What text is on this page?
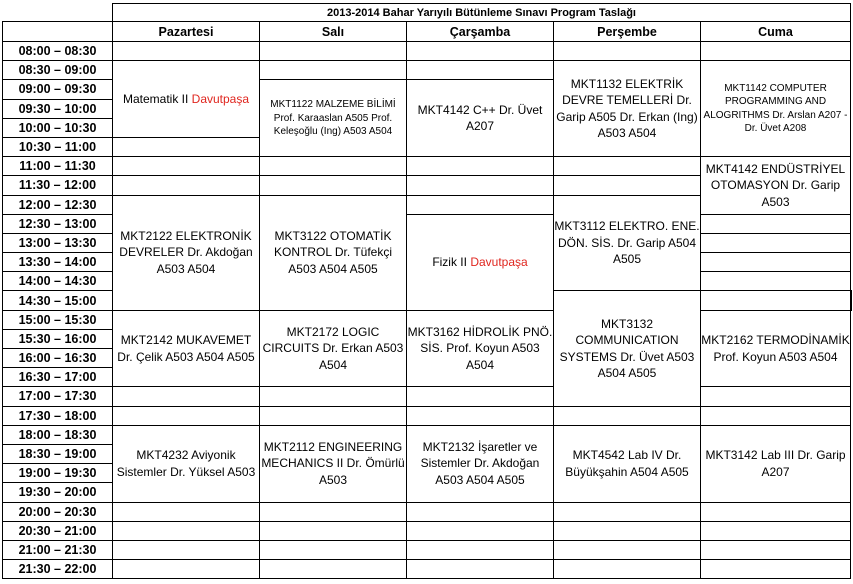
	2013-2014 Bahar Yarıyılı Bütünleme Sınavı Program Taslağı					
	Pazartesi	Salı	Çarşamba	Perşembe	Cuma	
08:00 – 08:30						
08:30 – 09:00	Matematik II Davutpaşa			MKT1132 ELEKTRİK DEVRE TEMELLERİ Dr. Garip A505 Dr. Erkan (Ing) A503 A504	MKT1142 COMPUTER PROGRAMMING AND ALOGRITHMS Dr. Arslan A207 - Dr. Üvet A208	
09:00 – 09:30		MKT1122 MALZEME BİLİMİ Prof. Karaaslan A505 Prof. Keleşoğlu (Ing) A503 A504	MKT4142 C++ Dr. Üvet A207			
09:30 – 10:00						
10:00 – 10:30						
10:30 – 11:00						
11:00 – 11:30					MKT4142 ENDÜSTRİYEL OTOMASYON Dr. Garip A503	
11:30 – 12:00						
12:00 – 12:30	MKT2122 ELEKTRONİK DEVRELER Dr. Akdoğan A503 A504	MKT3122 OTOMATİK KONTROL Dr. Tüfekçi A503 A504 A505		MKT3112 ELEKTRO. ENE. DÖN. SİS. Dr. Garip A504 A505		
12:30 – 13:00			Fizik II Davutpaşa			
13:00 – 13:30						
13:30 – 14:00						
14:00 – 14:30						
14:30 – 15:00				MKT3132 COMMUNICATION SYSTEMS Dr. Üvet A503 A504 A505		
15:00 – 15:30	MKT2142 MUKAVEMET Dr. Çelik A503 A504 A505	MKT2172 LOGIC CIRCUITS Dr. Erkan A503 A504	MKT3162 HİDROLİK PNÖ. SİS. Prof. Koyun A503 A504		MKT2162 TERMODİNAMİK Prof. Koyun A503 A504	
15:30 – 16:00						
16:00 – 16:30						
16:30 – 17:00						
17:00 – 17:30						
17:30 – 18:00						
18:00 – 18:30	MKT4232 Aviyonik Sistemler Dr. Yüksel A503	MKT2112 ENGINEERING MECHANICS II Dr. Ömürlü A503	MKT2132 İşaretler ve Sistemler Dr. Akdoğan A503 A504 A505	MKT4542 Lab IV Dr. Büyükşahin A504 A505	MKT3142 Lab III Dr. Garip A207	
18:30 – 19:00						
19:00 – 19:30						
19:30 – 20:00						
20:00 – 20:30						
20:30 – 21:00						
21:00 – 21:30						
21:30 – 22:00						
